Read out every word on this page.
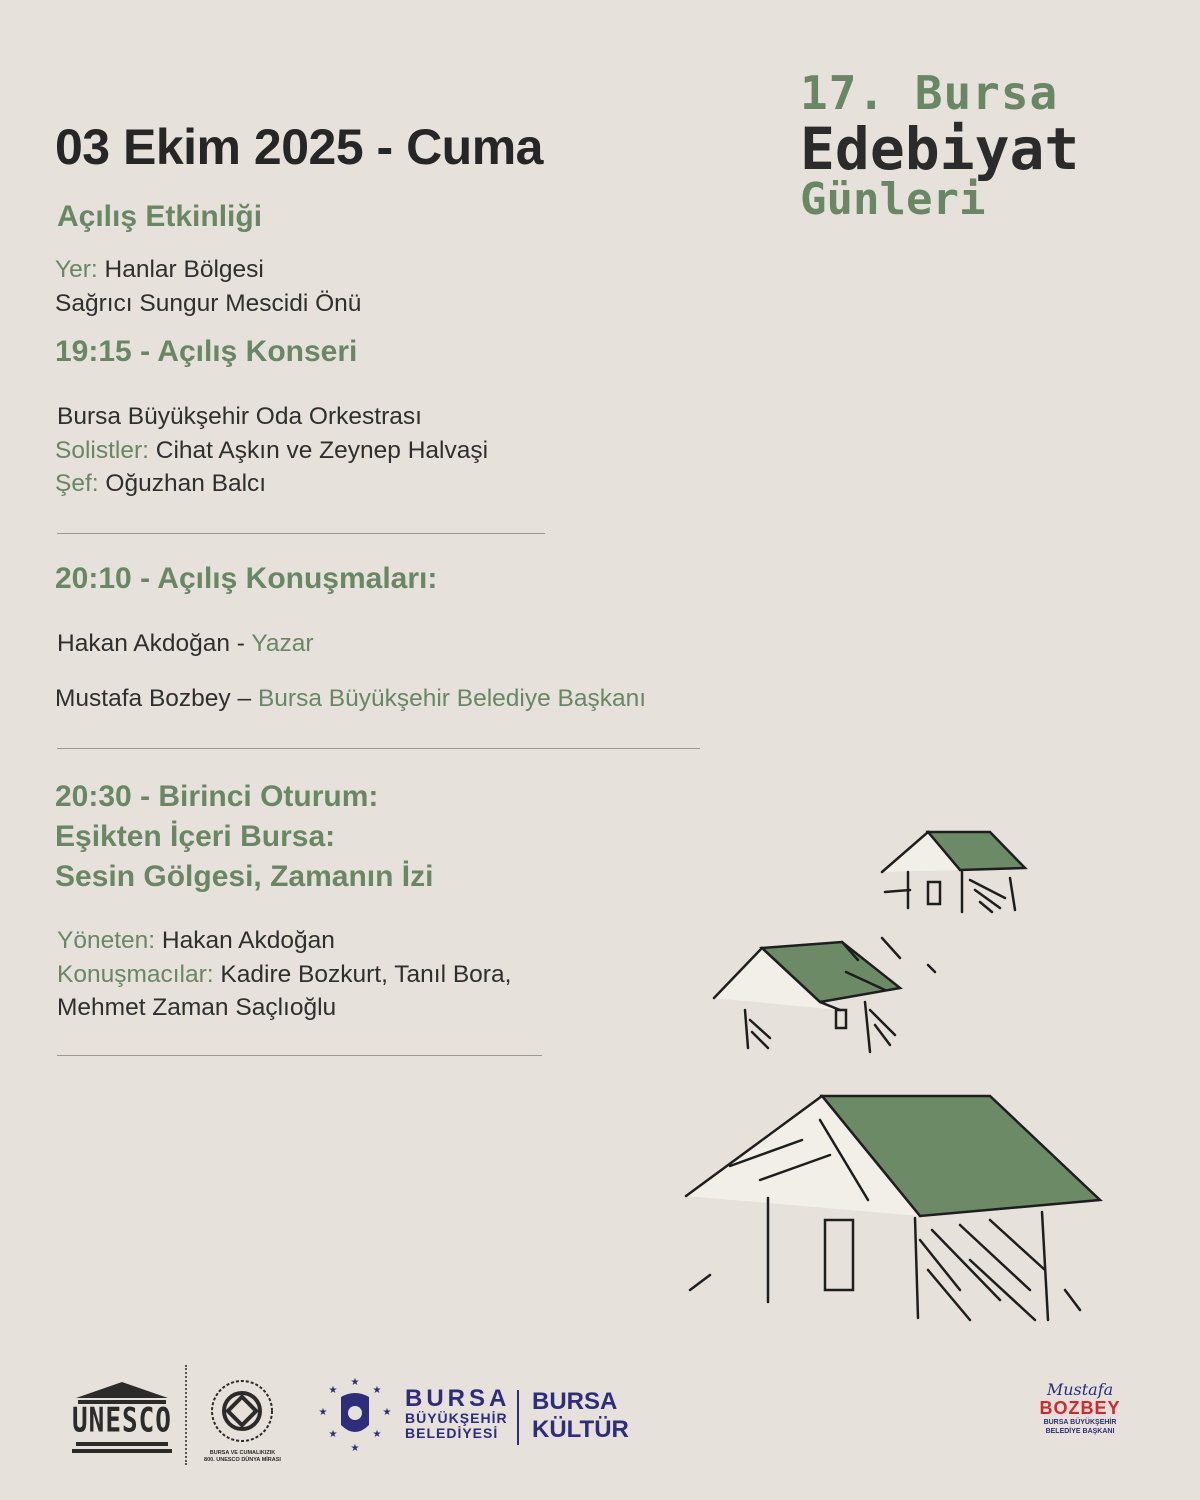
03 Ekim 2025 - Cuma
17. Bursa
Edebiyat
Günleri
Açılış Etkinliği
Yer: Hanlar Bölgesi
Sağrıcı Sungur Mescidi Önü
19:15 - Açılış Konseri
Bursa Büyükşehir Oda Orkestrası
Solistler: Cihat Aşkın ve Zeynep Halvaşi
Şef: Oğuzhan Balcı
20:10 - Açılış Konuşmaları:
Hakan Akdoğan - Yazar
Mustafa Bozbey – Bursa Büyükşehir Belediye Başkanı
20:30 - Birinci Oturum:
Eşikten İçeri Bursa:
Sesin Gölgesi, Zamanın İzi
Yöneten: Hakan Akdoğan
Konuşmacılar: Kadire Bozkurt, Tanıl Bora,
Mehmet Zaman Saçlıoğlu
UNESCO
BURSA VE CUMALIKIZIK
800. UNESCO DÜNYA MİRASI
★
★
★
★
★
★
★
★	BURSA
BÜYÜKŞEHİR
BELEDİYESİ
BURSA
KÜLTÜR
Mustafa
BOZBEY
BURSA BÜYÜKŞEHİR
BELEDİYE BAŞKANI
